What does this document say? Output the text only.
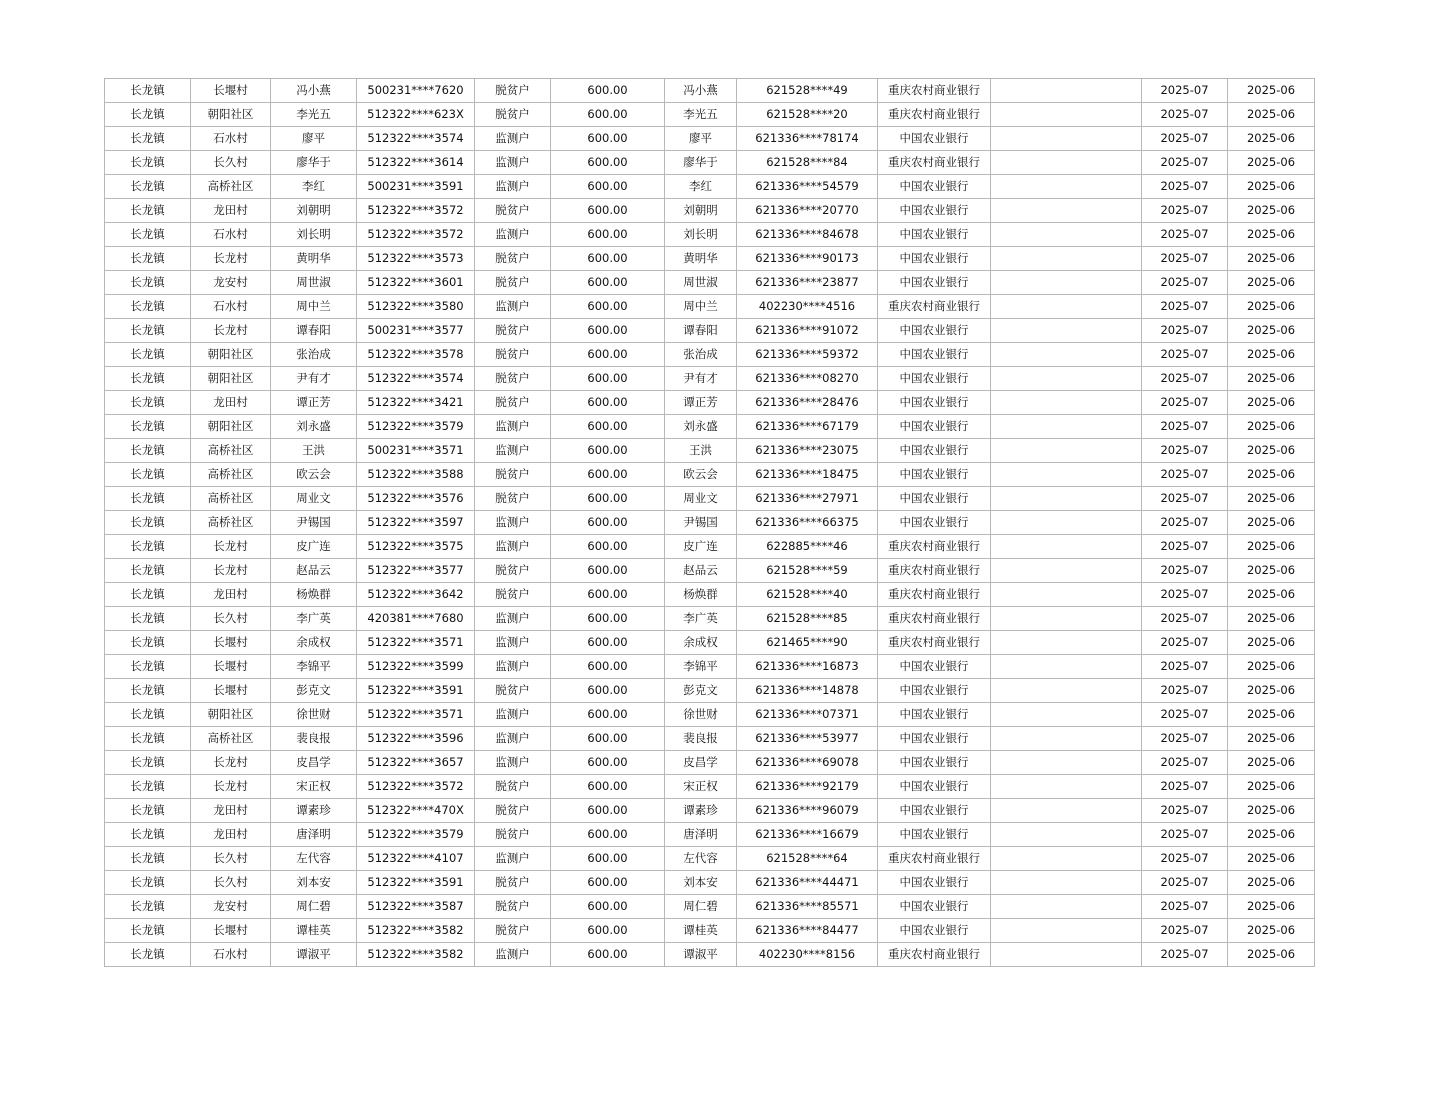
长龙镇	长堰村	冯小燕	500231****7620	脱贫户	600.00	冯小燕	621528****49	重庆农村商业银行		2025-07	2025-06
长龙镇	朝阳社区	李光五	512322****623X	脱贫户	600.00	李光五	621528****20	重庆农村商业银行		2025-07	2025-06
长龙镇	石水村	廖平	512322****3574	监测户	600.00	廖平	621336****78174	中国农业银行		2025-07	2025-06
长龙镇	长久村	廖华于	512322****3614	监测户	600.00	廖华于	621528****84	重庆农村商业银行		2025-07	2025-06
长龙镇	高桥社区	李红	500231****3591	监测户	600.00	李红	621336****54579	中国农业银行		2025-07	2025-06
长龙镇	龙田村	刘朝明	512322****3572	脱贫户	600.00	刘朝明	621336****20770	中国农业银行		2025-07	2025-06
长龙镇	石水村	刘长明	512322****3572	监测户	600.00	刘长明	621336****84678	中国农业银行		2025-07	2025-06
长龙镇	长龙村	黄明华	512322****3573	脱贫户	600.00	黄明华	621336****90173	中国农业银行		2025-07	2025-06
长龙镇	龙安村	周世淑	512322****3601	脱贫户	600.00	周世淑	621336****23877	中国农业银行		2025-07	2025-06
长龙镇	石水村	周中兰	512322****3580	监测户	600.00	周中兰	402230****4516	重庆农村商业银行		2025-07	2025-06
长龙镇	长龙村	谭春阳	500231****3577	脱贫户	600.00	谭春阳	621336****91072	中国农业银行		2025-07	2025-06
长龙镇	朝阳社区	张治成	512322****3578	脱贫户	600.00	张治成	621336****59372	中国农业银行		2025-07	2025-06
长龙镇	朝阳社区	尹有才	512322****3574	脱贫户	600.00	尹有才	621336****08270	中国农业银行		2025-07	2025-06
长龙镇	龙田村	谭正芳	512322****3421	脱贫户	600.00	谭正芳	621336****28476	中国农业银行		2025-07	2025-06
长龙镇	朝阳社区	刘永盛	512322****3579	监测户	600.00	刘永盛	621336****67179	中国农业银行		2025-07	2025-06
长龙镇	高桥社区	王洪	500231****3571	监测户	600.00	王洪	621336****23075	中国农业银行		2025-07	2025-06
长龙镇	高桥社区	欧云会	512322****3588	脱贫户	600.00	欧云会	621336****18475	中国农业银行		2025-07	2025-06
长龙镇	高桥社区	周业文	512322****3576	脱贫户	600.00	周业文	621336****27971	中国农业银行		2025-07	2025-06
长龙镇	高桥社区	尹锡国	512322****3597	监测户	600.00	尹锡国	621336****66375	中国农业银行		2025-07	2025-06
长龙镇	长龙村	皮广连	512322****3575	监测户	600.00	皮广连	622885****46	重庆农村商业银行		2025-07	2025-06
长龙镇	长龙村	赵品云	512322****3577	脱贫户	600.00	赵品云	621528****59	重庆农村商业银行		2025-07	2025-06
长龙镇	龙田村	杨焕群	512322****3642	脱贫户	600.00	杨焕群	621528****40	重庆农村商业银行		2025-07	2025-06
长龙镇	长久村	李广英	420381****7680	监测户	600.00	李广英	621528****85	重庆农村商业银行		2025-07	2025-06
长龙镇	长堰村	余成权	512322****3571	监测户	600.00	余成权	621465****90	重庆农村商业银行		2025-07	2025-06
长龙镇	长堰村	李锦平	512322****3599	监测户	600.00	李锦平	621336****16873	中国农业银行		2025-07	2025-06
长龙镇	长堰村	彭克文	512322****3591	脱贫户	600.00	彭克文	621336****14878	中国农业银行		2025-07	2025-06
长龙镇	朝阳社区	徐世财	512322****3571	监测户	600.00	徐世财	621336****07371	中国农业银行		2025-07	2025-06
长龙镇	高桥社区	裴良报	512322****3596	监测户	600.00	裴良报	621336****53977	中国农业银行		2025-07	2025-06
长龙镇	长龙村	皮昌学	512322****3657	监测户	600.00	皮昌学	621336****69078	中国农业银行		2025-07	2025-06
长龙镇	长龙村	宋正权	512322****3572	脱贫户	600.00	宋正权	621336****92179	中国农业银行		2025-07	2025-06
长龙镇	龙田村	谭素珍	512322****470X	脱贫户	600.00	谭素珍	621336****96079	中国农业银行		2025-07	2025-06
长龙镇	龙田村	唐泽明	512322****3579	脱贫户	600.00	唐泽明	621336****16679	中国农业银行		2025-07	2025-06
长龙镇	长久村	左代容	512322****4107	监测户	600.00	左代容	621528****64	重庆农村商业银行		2025-07	2025-06
长龙镇	长久村	刘本安	512322****3591	脱贫户	600.00	刘本安	621336****44471	中国农业银行		2025-07	2025-06
长龙镇	龙安村	周仁碧	512322****3587	脱贫户	600.00	周仁碧	621336****85571	中国农业银行		2025-07	2025-06
长龙镇	长堰村	谭桂英	512322****3582	脱贫户	600.00	谭桂英	621336****84477	中国农业银行		2025-07	2025-06
长龙镇	石水村	谭淑平	512322****3582	监测户	600.00	谭淑平	402230****8156	重庆农村商业银行		2025-07	2025-06
